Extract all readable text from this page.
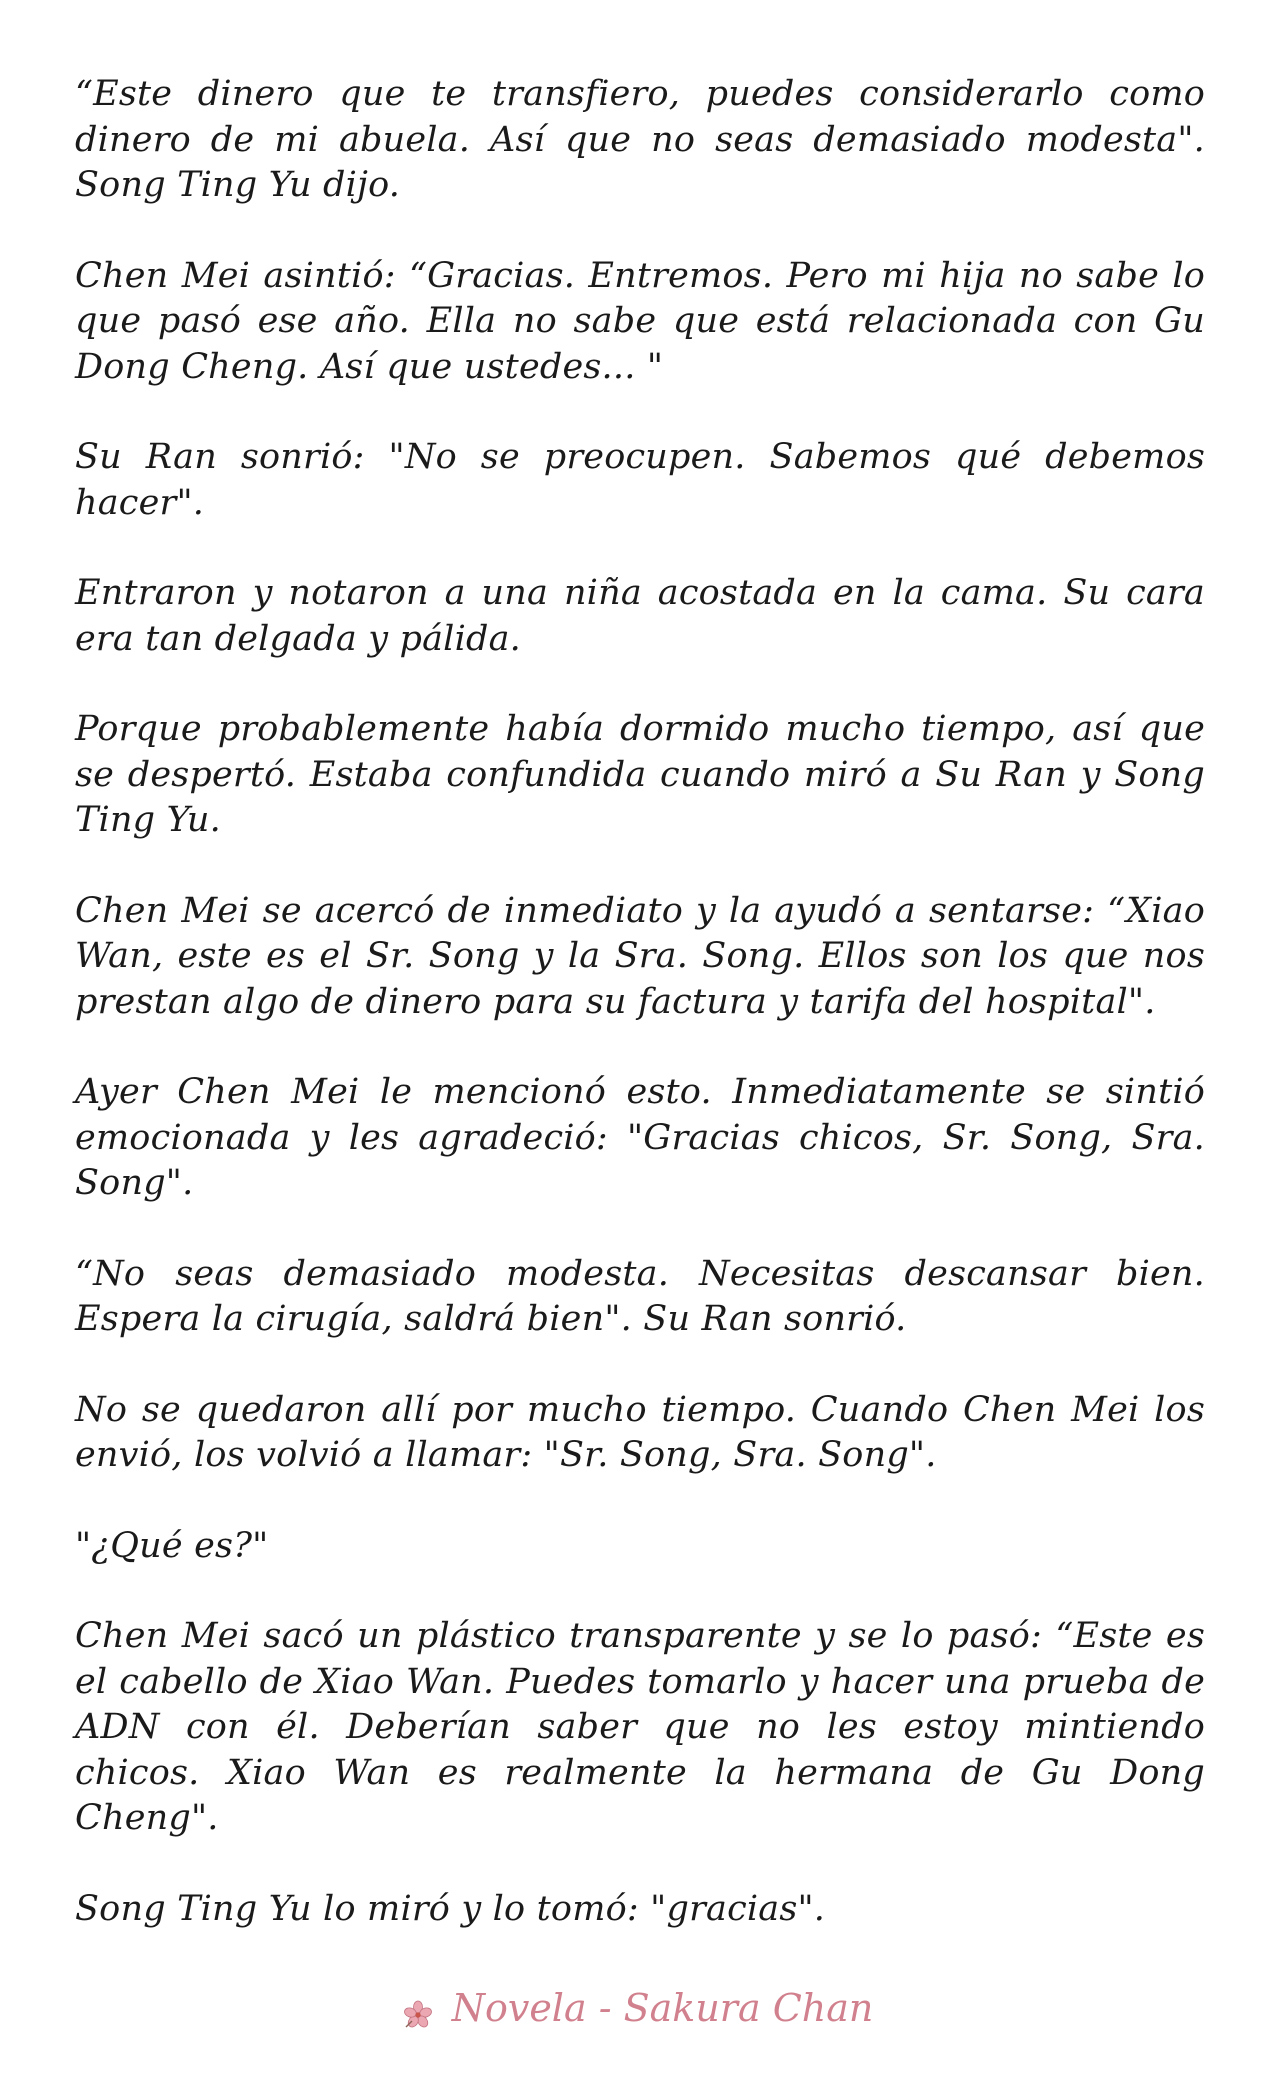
“Este dinero que te transfiero, puedes considerarlo como dinero de mi abuela. Así que no seas demasiado modesta". Song Ting Yu dijo.

Chen Mei asintió: “Gracias. Entremos. Pero mi hija no sabe lo que pasó ese año. Ella no sabe que está relacionada con Gu Dong Cheng. Así que ustedes... "

Su Ran sonrió: "No se preocupen. Sabemos qué debemos hacer".

Entraron y notaron a una niña acostada en la cama. Su cara era tan delgada y pálida.

Porque probablemente había dormido mucho tiempo, así que se despertó. Estaba confundida cuando miró a Su Ran y Song Ting Yu.

Chen Mei se acercó de inmediato y la ayudó a sentarse: “Xiao Wan, este es el Sr. Song y la Sra. Song. Ellos son los que nos prestan algo de dinero para su factura y tarifa del hospital".

Ayer Chen Mei le mencionó esto. Inmediatamente se sintió emocionada y les agradeció: "Gracias chicos, Sr. Song, Sra. Song".

“No seas demasiado modesta. Necesitas descansar bien. Espera la cirugía, saldrá bien". Su Ran sonrió.

No se quedaron allí por mucho tiempo. Cuando Chen Mei los envió, los volvió a llamar: "Sr. Song, Sra. Song".

"¿Qué es?"

Chen Mei sacó un plástico transparente y se lo pasó: “Este es el cabello de Xiao Wan. Puedes tomarlo y hacer una prueba de ADN con él. Deberían saber que no les estoy mintiendo chicos. Xiao Wan es realmente la hermana de Gu Dong Cheng".

Song Ting Yu lo miró y lo tomó: "gracias".

Novela - Sakura Chan
